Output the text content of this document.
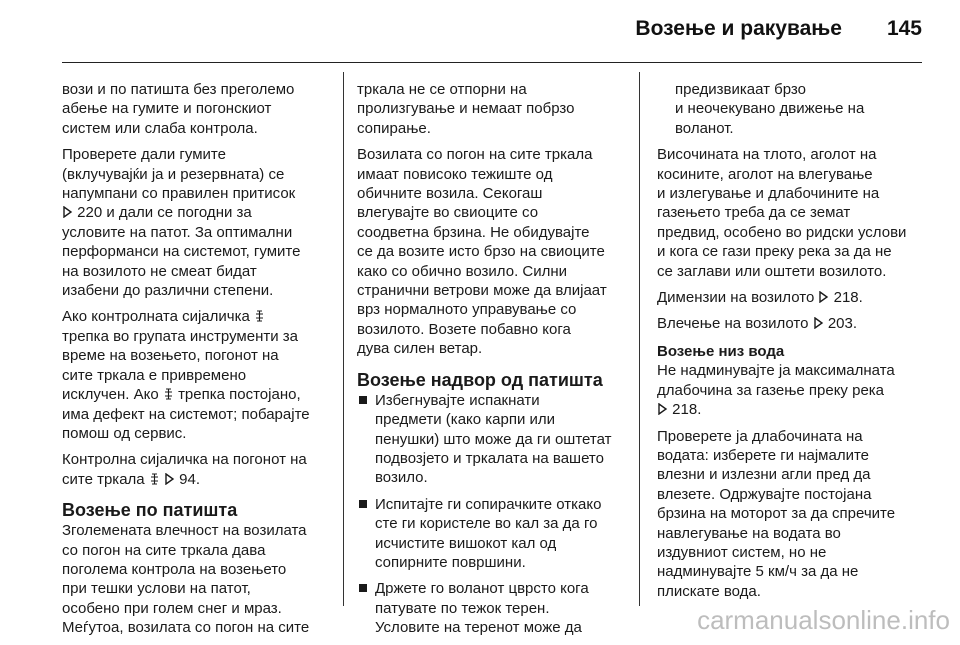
Возење и ракување 145
вози и по патишта без преголемо
абење на гумите и погонскиот
систем или слаба контрола.
Проверете дали гумите
(вклучувајќи ја и резервната) се
напумпани со правилен притисок
220 и дали се погодни за
условите на патот. За оптимални
перформанси на системот, гумите
на возилото не смеат бидат
изабени до различни степени.
Ако контролната сијаличка
трепка во групата инструменти за
време на возењето, погонот на
сите тркала е привремено
исклучен. Ако трепка постојано,
има дефект на системот; побарајте
помош од сервис.
Контролна сијаличка на погонот на
сите тркала 94.
Возење по патишта
Зголемената влечност на возилата
со погон на сите тркала дава
поголема контрола на возењето
при тешки услови на патот,
особено при голем снег и мраз.
Меѓутоа, возилата со погон на сите
тркала не се отпорни на
пролизгување и немаат побрзо
сопирање.
Возилата со погон на сите тркала
имаат повисоко тежиште од
обичните возила. Секогаш
влегувајте во свиоците со
соодветна брзина. Не обидувајте
се да возите исто брзо на свиоците
како со обично возило. Силни
странични ветрови може да влијаат
врз нормалното управување со
возилото. Возете побавно кога
дува силен ветар.
Возење надвор од патишта
Избегнувајте испакнати
предмети (како карпи или
пенушки) што може да ги оштетат
подвозјето и тркалата на вашето
возило.
Испитајте ги сопирачките откако
сте ги користеле во кал за да го
исчистите вишокот кал од
сопирните површини.
Држете го воланот цврсто кога
патувате по тежок терен.
Условите на теренот може да
предизвикаат брзо
и неочекувано движење на
воланот.
Височината на тлото, аголот на
косините, аголот на влегување
и излегување и длабочините на
газењето треба да се земат
предвид, особено во ридски услови
и кога се гази преку река за да не
се заглави или оштети возилото.
Димензии на возилото 218.
Влечење на возилото 203.
Возење низ вода
Не надминувајте ја максималната
длабочина за газење преку река
218.
Проверете ја длабочината на
водата: изберете ги најмалите
влезни и излезни агли пред да
влезете. Одржувајте постојана
брзина на моторот за да спречите
навлегување на водата во
издувниот систем, но не
надминувајте 5 км/ч за да не
плискате вода.
carmanualsonline.info
